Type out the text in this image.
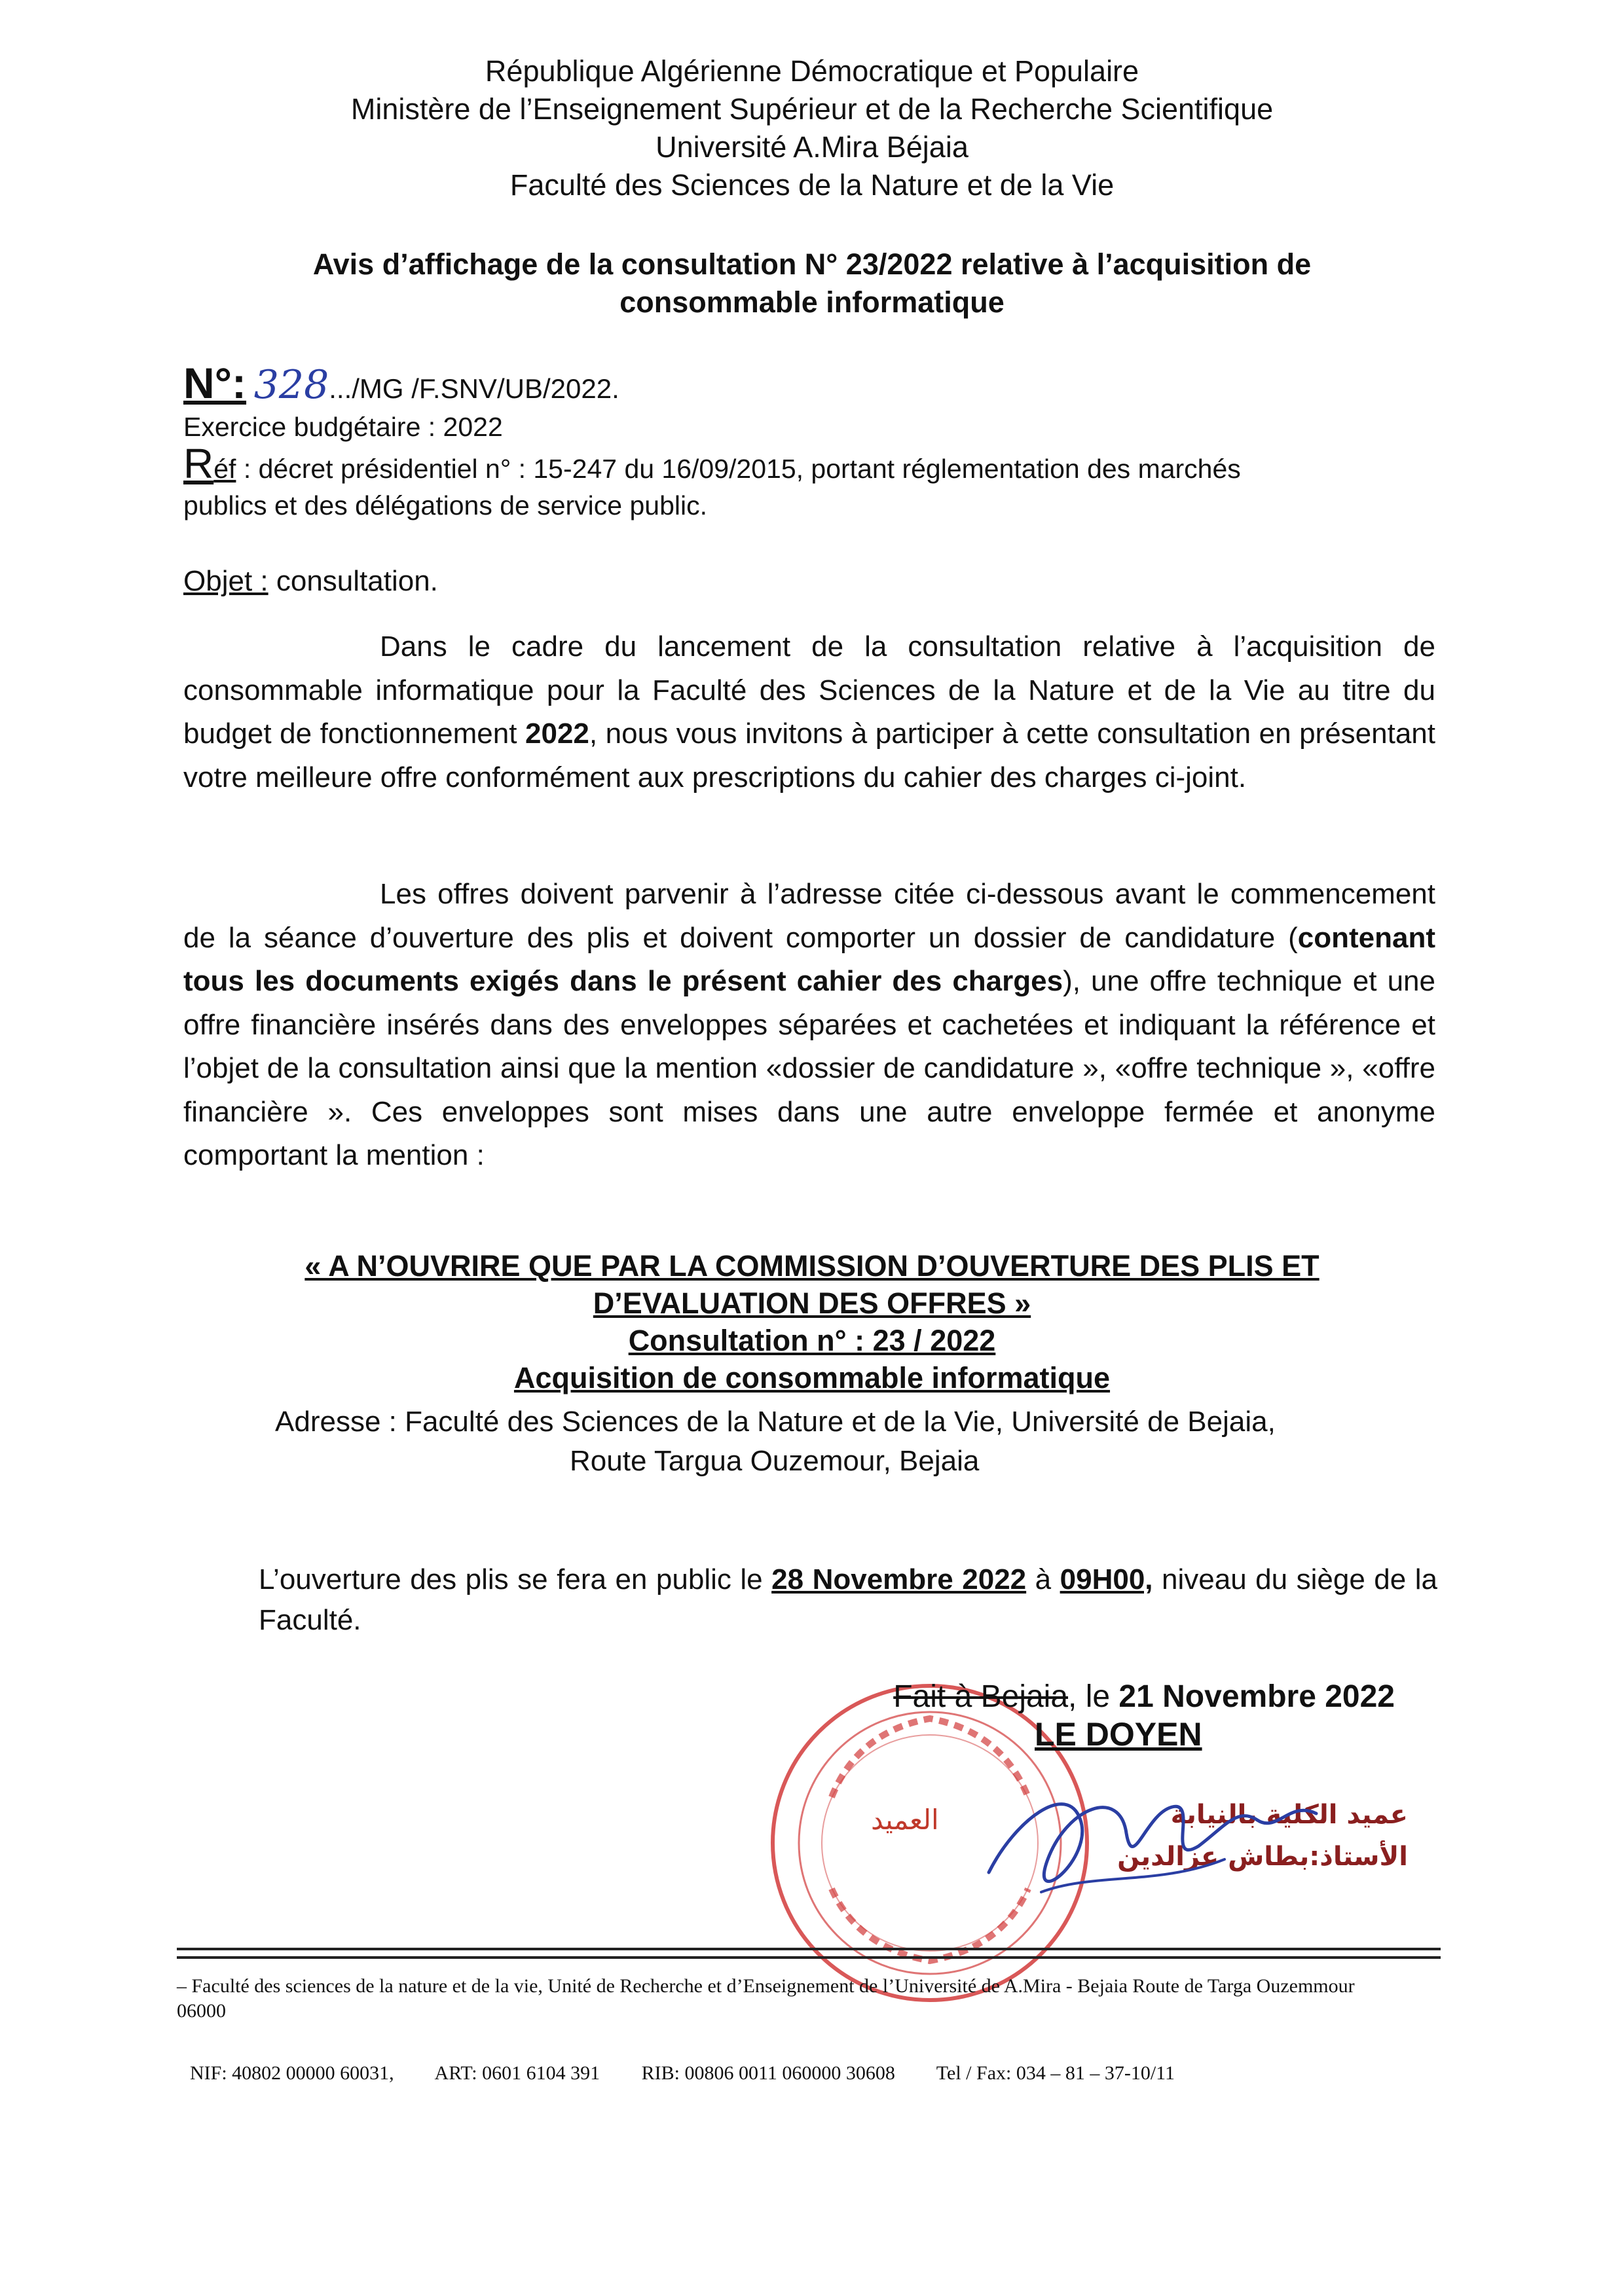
République Algérienne Démocratique et Populaire
Ministère de l’Enseignement Supérieur et de la Recherche Scientifique
Université A.Mira Béjaia
Faculté des Sciences de la Nature et de la Vie
Avis d’affichage de la consultation N° 23/2022 relative à l’acquisition de
consommable informatique
N°: 328.../MG /F.SNV/UB/2022.
Exercice budgétaire : 2022
Réf : décret présidentiel n° : 15-247 du 16/09/2015, portant réglementation des marchés
publics et des délégations de service public.
Objet : consultation.
Dans le cadre du lancement de la consultation relative à l’acquisition de consommable informatique pour la Faculté des Sciences de la Nature et de la Vie au titre du budget de fonctionnement 2022, nous vous invitons à participer à cette consultation en présentant votre meilleure offre conformément aux prescriptions du cahier des charges ci-joint.
Les offres doivent parvenir à l’adresse citée ci-dessous avant le commencement de la séance d’ouverture des plis et doivent comporter un dossier de candidature (contenant tous les documents exigés dans le présent cahier des charges), une offre technique et une offre financière insérés dans des enveloppes séparées et cachetées et indiquant la référence et l’objet de la consultation ainsi que la mention «dossier de candidature », «offre technique », «offre financière ». Ces enveloppes sont mises dans une autre enveloppe fermée et anonyme comportant la mention :
« A N’OUVRIRE QUE PAR LA COMMISSION D’OUVERTURE DES PLIS ET
D’EVALUATION DES OFFRES »
Consultation n° : 23 / 2022
Acquisition de consommable informatique
Adresse : Faculté des Sciences de la Nature et de la Vie, Université de Bejaia,
Route Targua Ouzemour, Bejaia
L’ouverture des plis se fera en public le 28 Novembre 2022 à 09H00, niveau du siège de la Faculté.
العميد
Fait à Bejaia, le 21 Novembre 2022
LE DOYEN
عميد الكلية بالنيابة
الأستاذ:بطاش عزالدين
– Faculté des sciences de la nature et de la vie, Unité de Recherche et d’Enseignement de l’Université de A.Mira - Bejaia Route de Targa Ouzemmour 06000
NIF: 40802 00000 60031, ART: 0601 6104 391 RIB: 00806 0011 060000 30608 Tel / Fax: 034 – 81 – 37-10/11
